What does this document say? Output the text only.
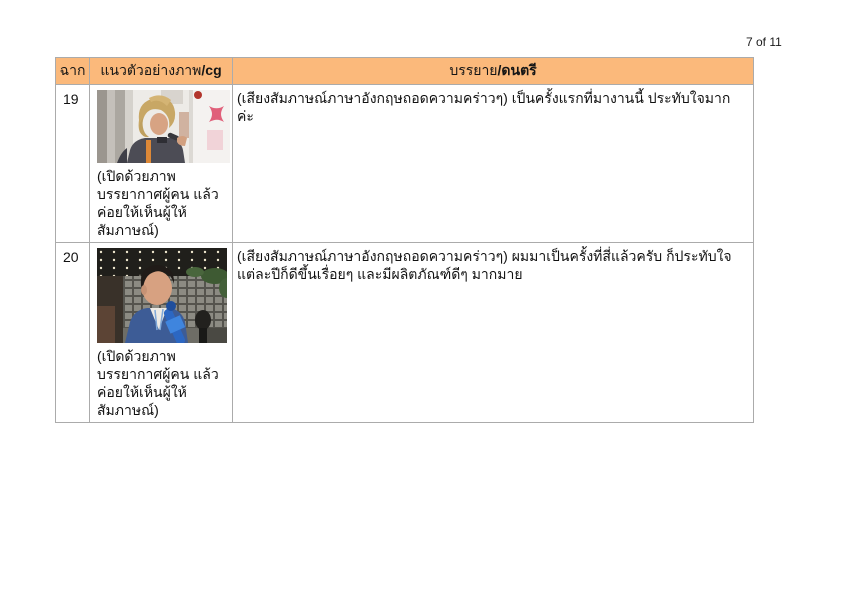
7 of 11
ฉาก	แนวตัวอย่างภาพ/cg	บรรยาย/ดนตรี
19	(เปิดด้วยภาพบรรยากาศผู้คน แล้วค่อยให้เห็นผู้ให้สัมภาษณ์)	(เสียงสัมภาษณ์ภาษาอังกฤษถอดความคร่าวๆ) เป็นครั้งแรกที่มางานนี้ ประทับใจมากค่ะ
20	(เปิดด้วยภาพบรรยากาศผู้คน แล้วค่อยให้เห็นผู้ให้สัมภาษณ์)	(เสียงสัมภาษณ์ภาษาอังกฤษถอดความคร่าวๆ) ผมมาเป็นครั้งที่สี่แล้วครับ ก็ประทับใจ แต่ละปีก็ดีขึ้นเรื่อยๆ และมีผลิตภัณฑ์ดีๆ มากมาย
